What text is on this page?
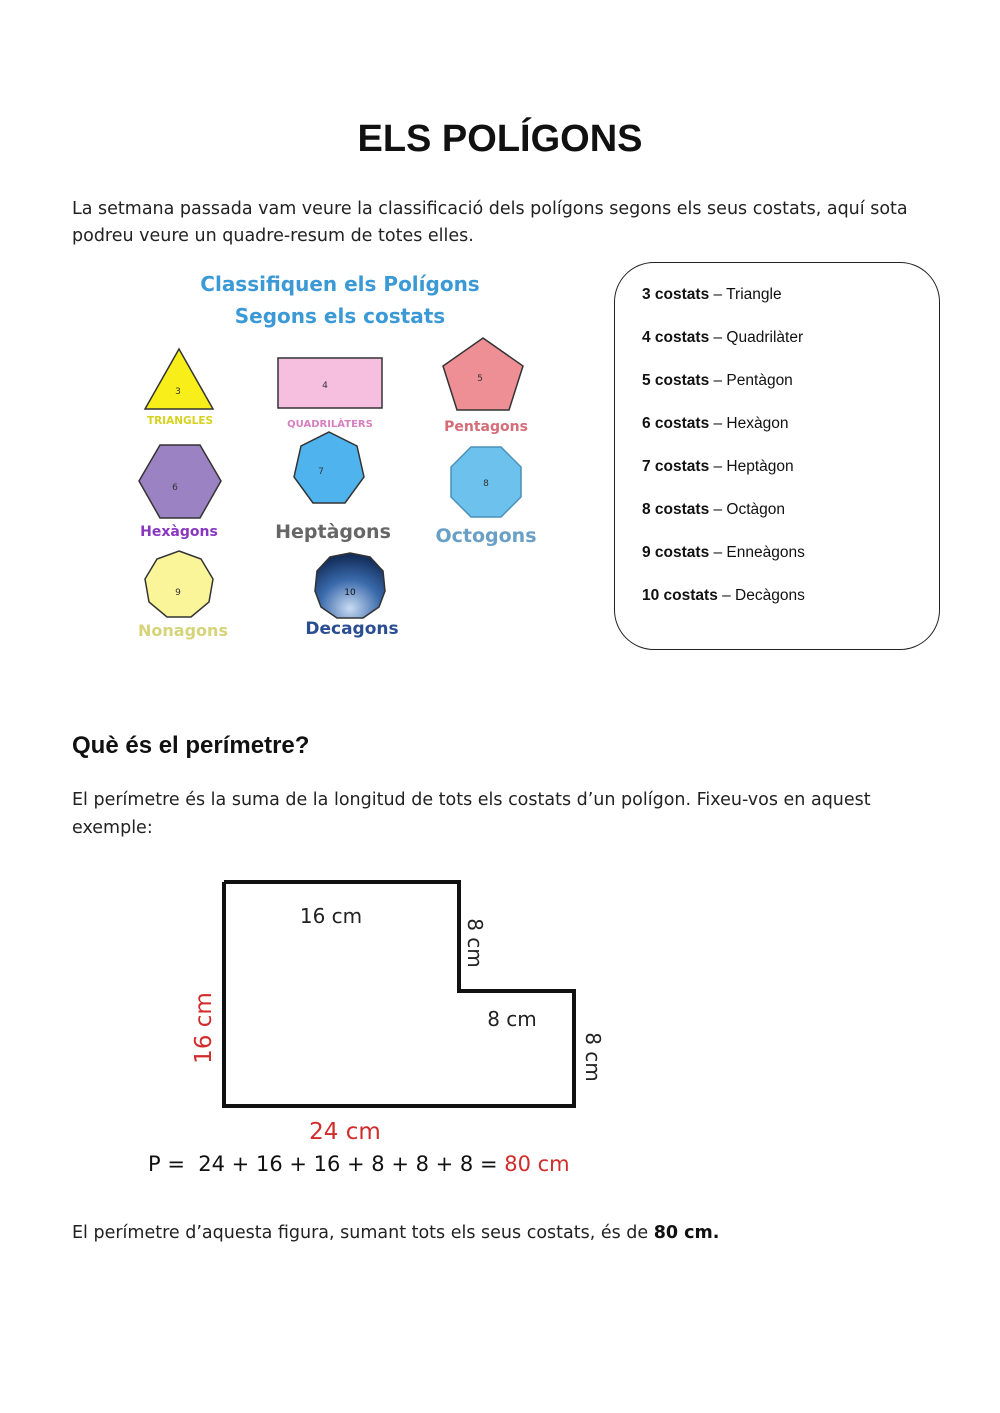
ELS POLÍGONS
La setmana passada vam veure la classificació dels polígons segons els seus costats, aquí sota podreu veure un quadre-resum de totes elles.
Classifiquen els Polígons
Segons els costats
3
TRIANGLES
4
QUADRILÀTERS
5
Pentagons
6
Hexàgons
7
Heptàgons
8
Octogons
9
Nonagons
10
Decagons
3 costats – Triangle
4 costats – Quadrilàter
5 costats – Pentàgon
6 costats – Hexàgon
7 costats – Heptàgon
8 costats – Octàgon
9 costats – Enneàgons
10 costats – Decàgons
Què és el perímetre?
El perímetre és la suma de la longitud de tots els costats d’un polígon. Fixeu-vos en aquest exemple:
16 cm
8 cm
8 cm
16 cm	8 cm
24 cm
P =  24 + 16 + 16 + 8 + 8 + 8 = 80 cm
El perímetre d’aquesta figura, sumant tots els seus costats, és de 80 cm.
